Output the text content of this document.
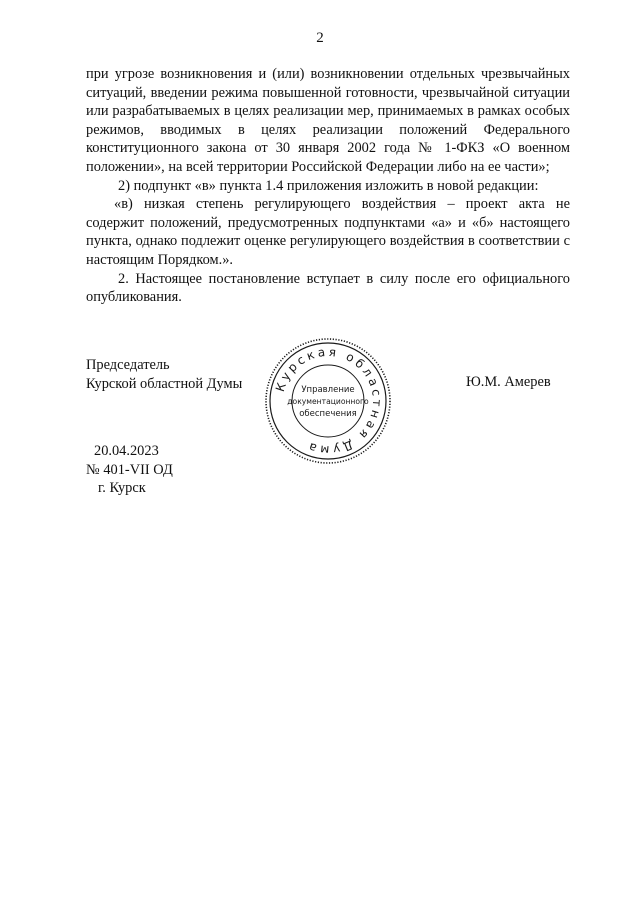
2

при угрозе возникновения и (или) возникновении отдельных чрезвычайных ситуаций, введении режима повышенной готовности, чрезвычайной ситуации или разрабатываемых в целях реализации мер, принимаемых в рамках особых режимов, вводимых в целях реализации положений Федерального конституционного закона от 30 января 2002 года № 1-ФКЗ «О военном положении», на всей территории Российской Федерации либо на ее части»;

2) подпункт «в» пункта 1.4 приложения изложить в новой редакции:

«в) низкая степень регулирующего воздействия – проект акта не содержит положений, предусмотренных подпунктами «а» и «б» настоящего пункта, однако подлежит оценке регулирующего воздействия в соответствии с настоящим Порядком.».

2. Настоящее постановление вступает в силу после его официального опубликования.

Председатель
Курской областной Думы	Курская областная Дума
Управление
документационного
обеспечения
Ю.М. Амерев
20.04.2023
№ 401-VII ОД
г. Курск
